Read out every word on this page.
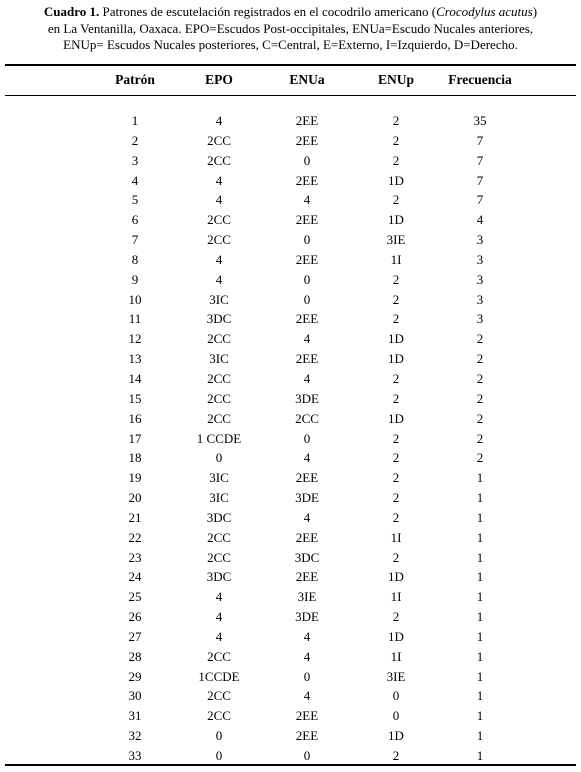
Cuadro 1. Patrones de escutelación registrados en el cocodrilo americano (Crocodylus acutus)
en La Ventanilla, Oaxaca. EPO=Escudos Post-occipitales, ENUa=Escudo Nucales anteriores,
ENUp= Escudos Nucales posteriores, C=Central, E=Externo, I=Izquierdo, D=Derecho.
Patrón	EPO	ENUa	ENUp	Frecuencia
1	4	2EE	2	35
2	2CC	2EE	2	7
3	2CC	0	2	7
4	4	2EE	1D	7
5	4	4	2	7
6	2CC	2EE	1D	4
7	2CC	0	3IE	3
8	4	2EE	1I	3
9	4	0	2	3
10	3IC	0	2	3
11	3DC	2EE	2	3
12	2CC	4	1D	2
13	3IC	2EE	1D	2
14	2CC	4	2	2
15	2CC	3DE	2	2
16	2CC	2CC	1D	2
17	1 CCDE	0	2	2
18	0	4	2	2
19	3IC	2EE	2	1
20	3IC	3DE	2	1
21	3DC	4	2	1
22	2CC	2EE	1I	1
23	2CC	3DC	2	1
24	3DC	2EE	1D	1
25	4	3IE	1I	1
26	4	3DE	2	1
27	4	4	1D	1
28	2CC	4	1I	1
29	1CCDE	0	3IE	1
30	2CC	4	0	1
31	2CC	2EE	0	1
32	0	2EE	1D	1
33	0	0	2	1
